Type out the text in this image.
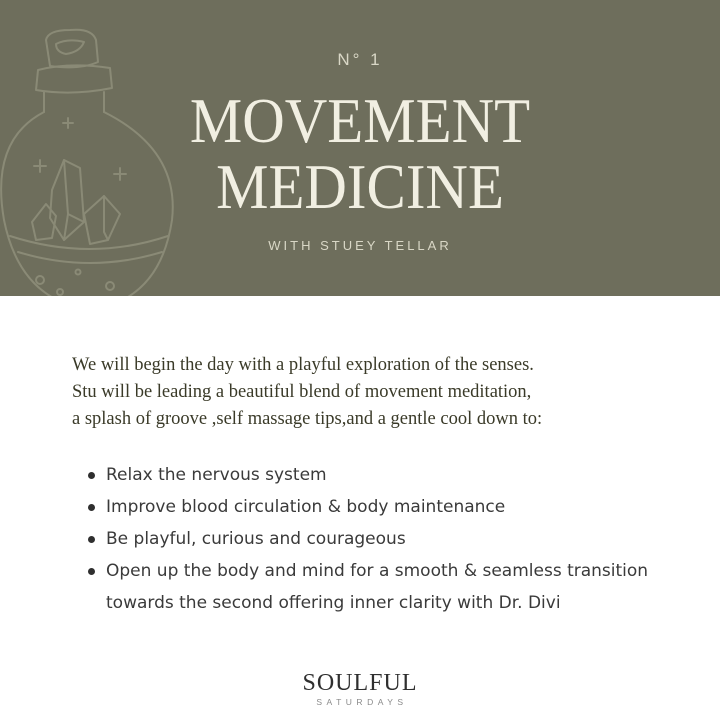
N° 1
MOVEMENT
MEDICINE
WITH STUEY TELLAR

We will begin the day with a playful exploration of the senses.

Stu will be leading a beautiful blend of movement meditation,

a splash of groove ,self massage tips,and a gentle cool down to:

Relax the nervous system
Improve blood circulation & body maintenance
Be playful, curious and courageous
Open up the body and mind for a smooth & seamless transition
towards the second offering inner clarity with Dr. Divi
SOULFUL
SATURDAYS
